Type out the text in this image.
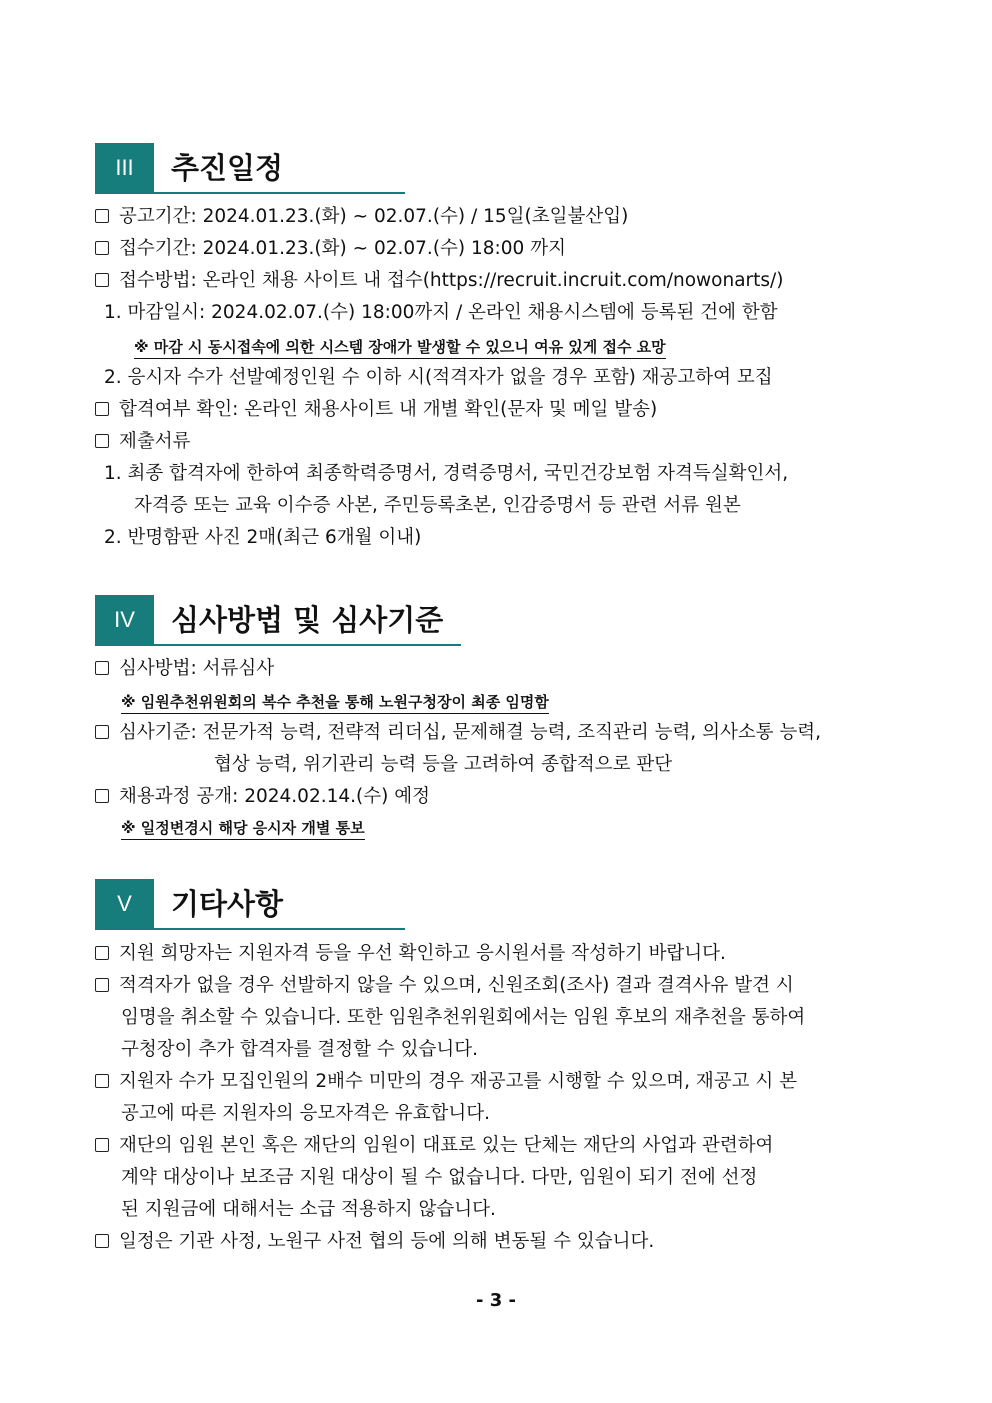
III	추진일정
공고기간: 2024.01.23.(화) ~ 02.07.(수) / 15일(초일불산입)
접수기간: 2024.01.23.(화) ~ 02.07.(수) 18:00 까지
접수방법: 온라인 채용 사이트 내 접수(https://recruit.incruit.com/nowonarts/)
1. 마감일시: 2024.02.07.(수) 18:00까지 / 온라인 채용시스템에 등록된 건에 한함
※ 마감 시 동시접속에 의한 시스템 장애가 발생할 수 있으니 여유 있게 접수 요망
2. 응시자 수가 선발예정인원 수 이하 시(적격자가 없을 경우 포함) 재공고하여 모집
합격여부 확인: 온라인 채용사이트 내 개별 확인(문자 및 메일 발송)
제출서류
1. 최종 합격자에 한하여 최종학력증명서, 경력증명서, 국민건강보험 자격득실확인서,
자격증 또는 교육 이수증 사본, 주민등록초본, 인감증명서 등 관련 서류 원본
2. 반명함판 사진 2매(최근 6개월 이내)
IV	심사방법 및 심사기준
심사방법: 서류심사
※ 임원추천위원회의 복수 추천을 통해 노원구청장이 최종 임명함
심사기준: 전문가적 능력, 전략적 리더십, 문제해결 능력, 조직관리 능력, 의사소통 능력,
협상 능력, 위기관리 능력 등을 고려하여 종합적으로 판단
채용과정 공개: 2024.02.14.(수) 예정
※ 일정변경시 해당 응시자 개별 통보
V	기타사항
지원 희망자는 지원자격 등을 우선 확인하고 응시원서를 작성하기 바랍니다.
적격자가 없을 경우 선발하지 않을 수 있으며, 신원조회(조사) 결과 결격사유 발견 시
임명을 취소할 수 있습니다. 또한 임원추천위원회에서는 임원 후보의 재추천을 통하여
구청장이 추가 합격자를 결정할 수 있습니다.
지원자 수가 모집인원의 2배수 미만의 경우 재공고를 시행할 수 있으며, 재공고 시 본
공고에 따른 지원자의 응모자격은 유효합니다.
재단의 임원 본인 혹은 재단의 임원이 대표로 있는 단체는 재단의 사업과 관련하여
계약 대상이나 보조금 지원 대상이 될 수 없습니다. 다만, 임원이 되기 전에 선정
된 지원금에 대해서는 소급 적용하지 않습니다.
일정은 기관 사정, 노원구 사전 협의 등에 의해 변동될 수 있습니다.
- 3 -
